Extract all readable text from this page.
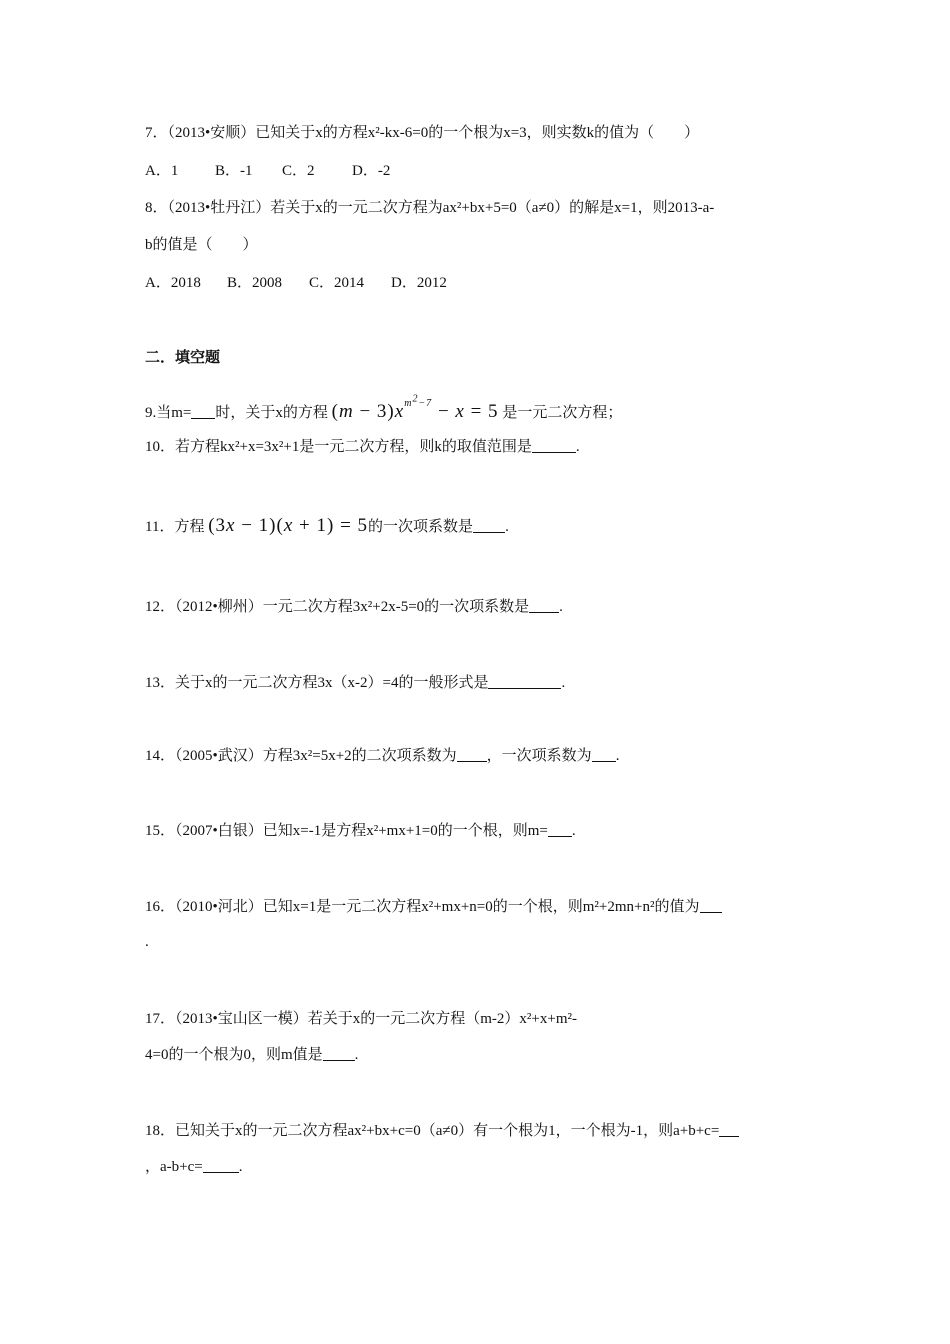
7．（2013•安顺）已知关于x的方程x²-kx-6=0的一个根为x=3，则实数k的值为（　　）
A．1 B．-1 C．2 D．-2
8．（2013•牡丹江）若关于x的一元二次方程为ax²+bx+5=0（a≠0）的解是x=1，则2013-a-
b的值是（　　）
A．2018 B．2008 C．2014 D．2012
二．填空题
9.当m= 时，关于x的方程 $(m - 3)x^{m^2-7} - x = 5$ 是一元二次方程；
10．若方程kx²+x=3x²+1是一元二次方程，则k的取值范围是	.
11．方程 (3x − 1)(x + 1) = 5的一次项系数是 .
12．（2012•柳州）一元二次方程3x²+2x-5=0的一次项系数是 .
13．关于x的一元二次方程3x（x-2）=4的一般形式是	.
14．（2005•武汉）方程3x²=5x+2的二次项系数为 ，一次项系数为 .
15．（2007•白银）已知x=-1是方程x²+mx+1=0的一个根，则m= .
16．（2010•河北）已知x=1是一元二次方程x²+mx+n=0的一个根，则m²+2mn+n²的值为
.
17．（2013•宝山区一模）若关于x的一元二次方程（m-2）x²+x+m²-
4=0的一个根为0，则m值是 .
18．已知关于x的一元二次方程ax²+bx+c=0（a≠0）有一个根为1，一个根为-1，则a+b+c=
，a-b+c= .
